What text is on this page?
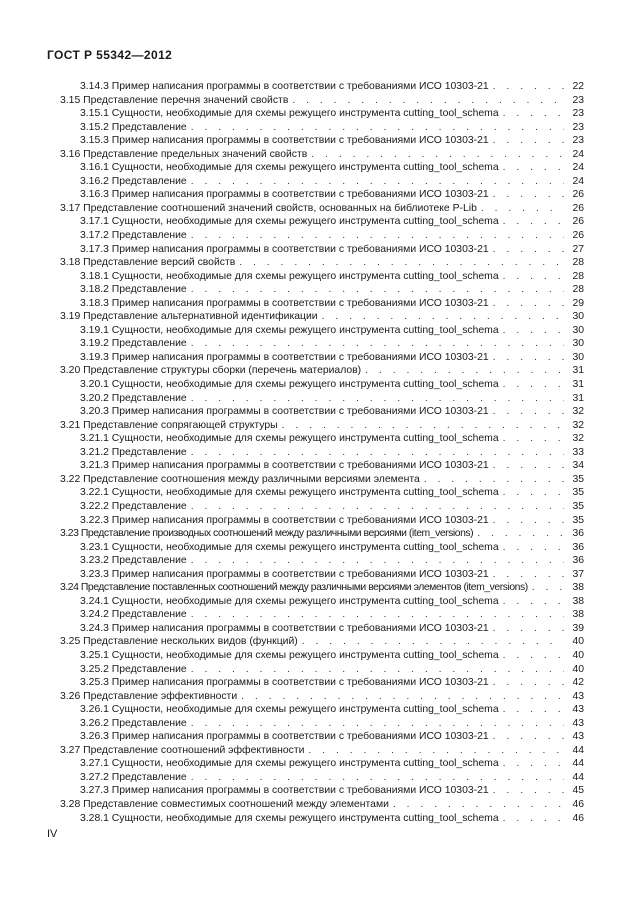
ГОСТ Р 55342—2012
3.14.3 Пример написания программы в соответствии с требованиями ИСО 10303-21 . . .	22
3.15 Представление перечня значений свойств . . .	23
3.15.1 Сущности, необходимые для схемы режущего инструмента cutting_tool_schema . . .	23
3.15.2 Представление . . .	23
3.15.3 Пример написания программы в соответствии с требованиями ИСО 10303-21 . . .	23
3.16 Представление предельных значений свойств . . .	24
3.16.1 Сущности, необходимые для схемы режущего инструмента cutting_tool_schema . . .	24
3.16.2 Представление . . .	24
3.16.3 Пример написания программы в соответствии с требованиями ИСО 10303-21 . . .	26
3.17 Представление соотношений значений свойств, основанных на библиотеке P-Lib . . .	26
3.17.1 Сущности, необходимые для схемы режущего инструмента cutting_tool_schema . . .	26
3.17.2 Представление . . .	26
3.17.3 Пример написания программы в соответствии с требованиями ИСО 10303-21 . . .	27
3.18 Представление версий свойств . . .	28
3.18.1 Сущности, необходимые для схемы режущего инструмента cutting_tool_schema . . .	28
3.18.2 Представление . . .	28
3.18.3 Пример написания программы в соответствии с требованиями ИСО 10303-21 . . .	29
3.19 Представление альтернативной идентификации . . .	30
3.19.1 Сущности, необходимые для схемы режущего инструмента cutting_tool_schema . . .	30
3.19.2 Представление . . .	30
3.19.3 Пример написания программы в соответствии с требованиями ИСО 10303-21 . . .	30
3.20 Представление структуры сборки (перечень материалов) . . .	31
3.20.1 Сущности, необходимые для схемы режущего инструмента cutting_tool_schema . . .	31
3.20.2 Представление . . .	31
3.20.3 Пример написания программы в соответствии с требованиями ИСО 10303-21 . . .	32
3.21 Представление сопрягающей структуры . . .	32
3.21.1 Сущности, необходимые для схемы режущего инструмента cutting_tool_schema . . .	32
3.21.2 Представление . . .	33
3.21.3 Пример написания программы в соответствии с требованиями ИСО 10303-21 . . .	34
3.22 Представление соотношения между различными версиями элемента . . .	35
3.22.1 Сущности, необходимые для схемы режущего инструмента cutting_tool_schema . . .	35
3.22.2 Представление . . .	35
3.22.3 Пример написания программы в соответствии с требованиями ИСО 10303-21 . . .	35
3.23 Представление производных соотношений между различными версиями (item_versions) . . .	36
3.23.1 Сущности, необходимые для схемы режущего инструмента cutting_tool_schema . . .	36
3.23.2 Представление . . .	36
3.23.3 Пример написания программы в соответствии с требованиями ИСО 10303-21 . . .	37
3.24 Представление поставленных соотношений между различными версиями элементов (item_versions) . . .	38
3.24.1 Сущности, необходимые для схемы режущего инструмента cutting_tool_schema . . .	38
3.24.2 Представление . . .	38
3.24.3 Пример написания программы в соответствии с требованиями ИСО 10303-21 . . .	39
3.25 Представление нескольких видов (функций) . . .	40
3.25.1 Сущности, необходимые для схемы режущего инструмента cutting_tool_schema . . .	40
3.25.2 Представление . . .	40
3.25.3 Пример написания программы в соответствии с требованиями ИСО 10303-21 . . .	42
3.26 Представление эффективности . . .	43
3.26.1 Сущности, необходимые для схемы режущего инструмента cutting_tool_schema . . .	43
3.26.2 Представление . . .	43
3.26.3 Пример написания программы в соответствии с требованиями ИСО 10303-21 . . .	43
3.27 Представление соотношений эффективности . . .	44
3.27.1 Сущности, необходимые для схемы режущего инструмента cutting_tool_schema . . .	44
3.27.2 Представление . . .	44
3.27.3 Пример написания программы в соответствии с требованиями ИСО 10303-21 . . .	45
3.28 Представление совместимых соотношений между элементами . . .	46
3.28.1 Сущности, необходимые для схемы режущего инструмента cutting_tool_schema . . .	46
IV
